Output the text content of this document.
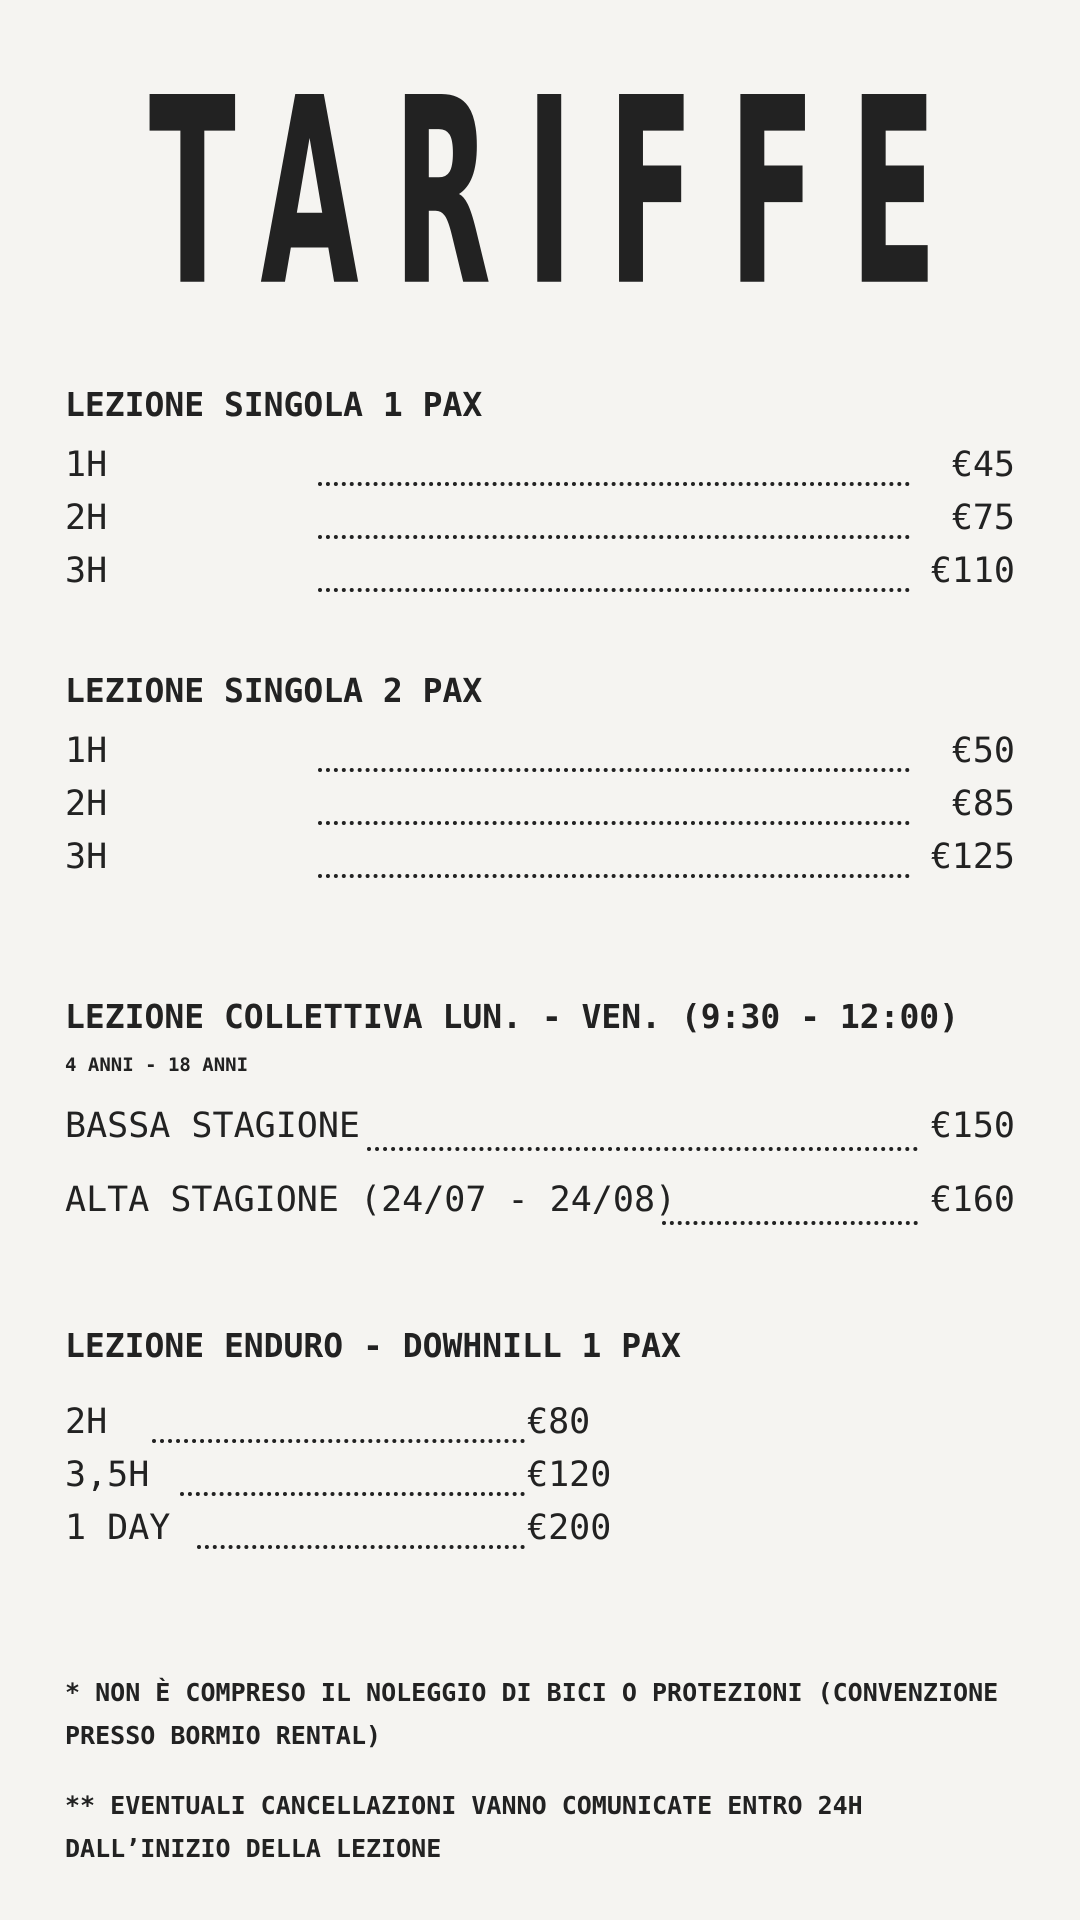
TARIFFE
LEZIONE SINGOLA 1 PAX
1H	€45
2H	€75
3H	€110
LEZIONE SINGOLA 2 PAX
1H	€50
2H	€85
3H	€125
LEZIONE COLLETTIVA LUN. - VEN. (9:30 - 12:00)
4 ANNI - 18 ANNI
BASSA STAGIONE	€150
ALTA STAGIONE (24/07 - 24/08)	€160
LEZIONE ENDURO - DOWHNILL 1 PAX
2H	€80
3,5H	€120
1 DAY	€200
* NON È COMPRESO IL NOLEGGIO DI BICI O PROTEZIONI (CONVENZIONE PRESSO BORMIO RENTAL)
** EVENTUALI CANCELLAZIONI VANNO COMUNICATE ENTRO 24H DALL’INIZIO DELLA LEZIONE
